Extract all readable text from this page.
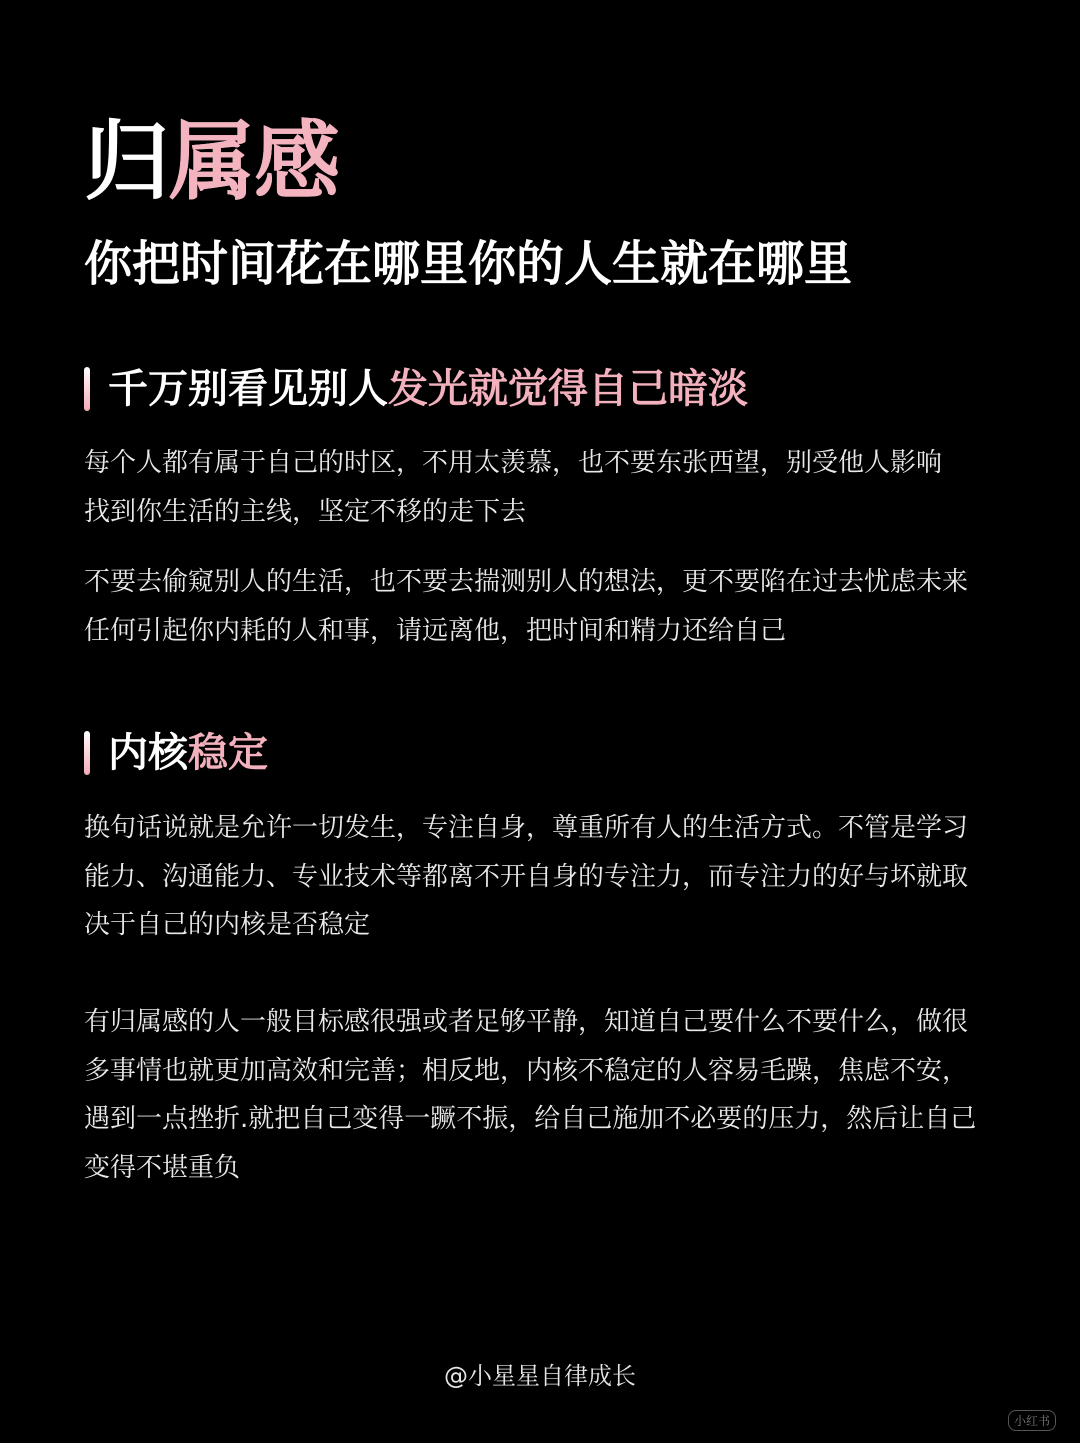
归属感
你把时间花在哪里你的人生就在哪里
千万别看见别人发光就觉得自己暗淡
每个人都有属于自己的时区，不用太羡慕，也不要东张西望，别受他人影响
找到你生活的主线，坚定不移的走下去
不要去偷窥别人的生活，也不要去揣测别人的想法，更不要陷在过去忧虑未来
任何引起你内耗的人和事，请远离他，把时间和精力还给自己
内核稳定
换句话说就是允许一切发生，专注自身，尊重所有人的生活方式。不管是学习
能力、沟通能力、专业技术等都离不开自身的专注力，而专注力的好与坏就取
决于自己的内核是否稳定
有归属感的人一般目标感很强或者足够平静，知道自己要什么不要什么，做很
多事情也就更加高效和完善；相反地，内核不稳定的人容易毛躁，焦虑不安，
遇到一点挫折.就把自己变得一蹶不振，给自己施加不必要的压力，然后让自己
变得不堪重负
@小星星自律成长
小红书
